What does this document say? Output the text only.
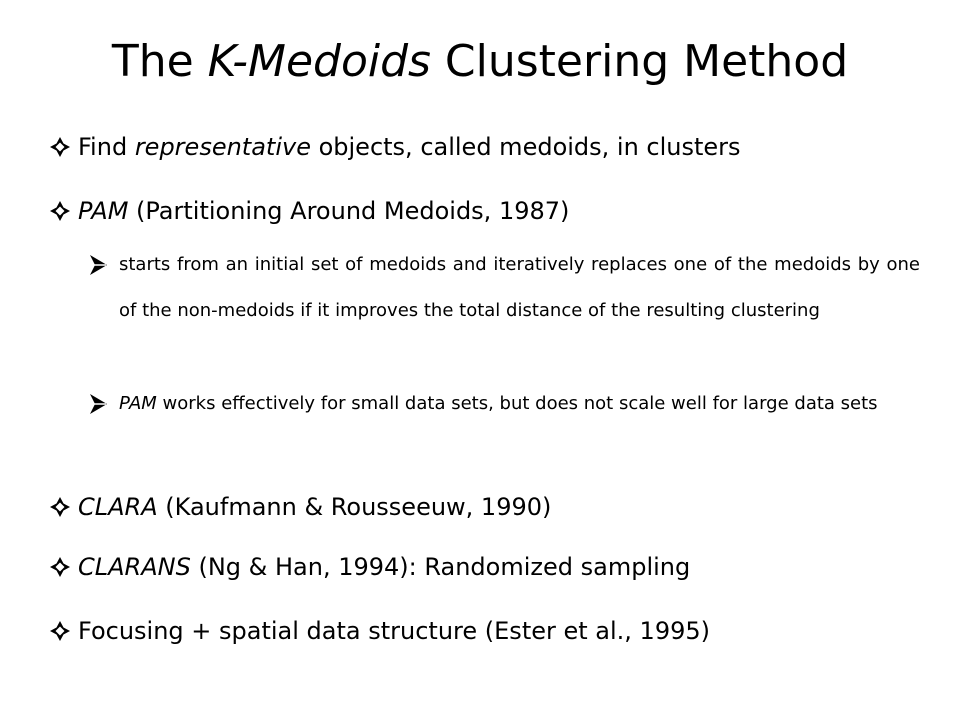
The K-Medoids Clustering Method
Find representative objects, called medoids, in clusters
PAM (Partitioning Around Medoids, 1987)
starts from an initial set of medoids and iteratively replaces one of the medoids by one of the non-medoids if it improves the total distance of the resulting clustering
PAM works effectively for small data sets, but does not scale well for large data sets
CLARA (Kaufmann & Rousseeuw, 1990)
CLARANS (Ng & Han, 1994): Randomized sampling
Focusing + spatial data structure (Ester et al., 1995)
